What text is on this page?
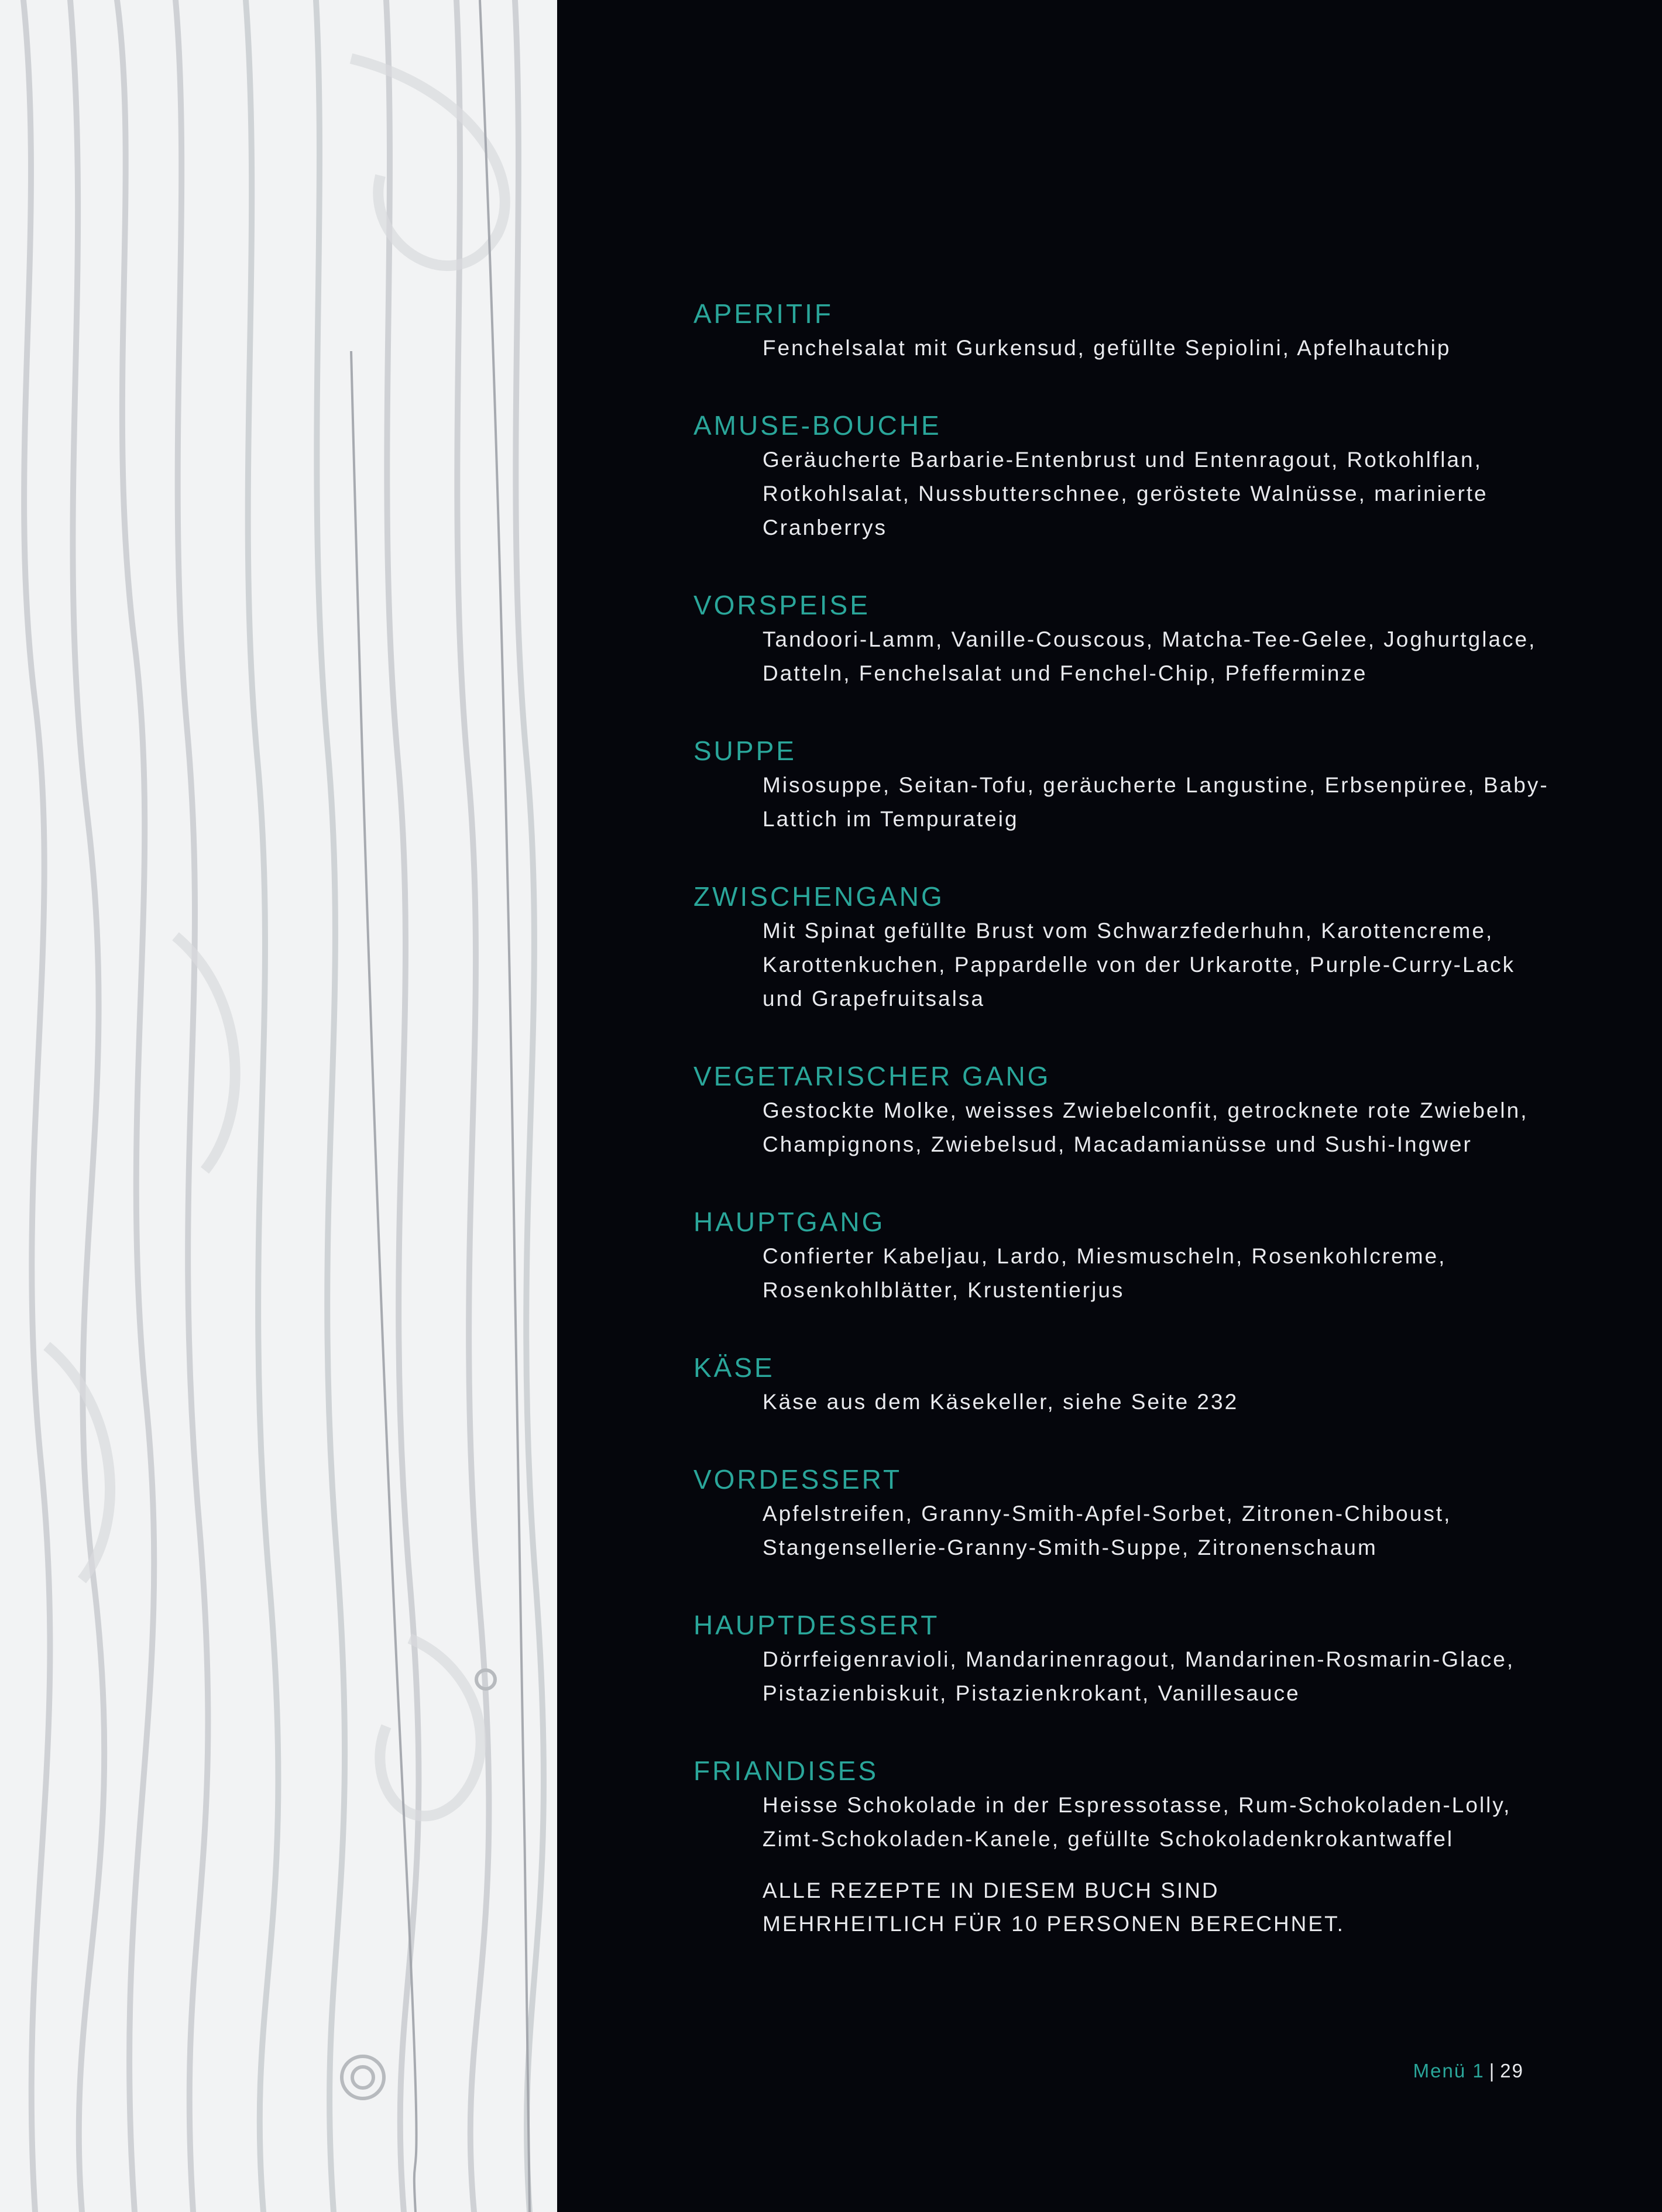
APERITIF
Fenchelsalat mit Gurkensud, gefüllte Sepiolini, Apfelhautchip
AMUSE-BOUCHE
Geräucherte Barbarie-Entenbrust und Entenragout, Rotkohlflan, Rotkohlsalat, Nussbutterschnee, geröstete Walnüsse, marinierte Cranberrys
VORSPEISE
Tandoori-Lamm, Vanille-Couscous, Matcha-Tee-Gelee, Joghurtglace, Datteln, Fenchelsalat und Fenchel-Chip, Pfefferminze
SUPPE
Misosuppe, Seitan-Tofu, geräucherte Langustine, Erbsenpüree, Baby-Lattich im Tempurateig
ZWISCHENGANG
Mit Spinat gefüllte Brust vom Schwarzfederhuhn, Karottencreme, Karottenkuchen, Pappardelle von der Urkarotte, Purple-Curry-Lack und Grapefruitsalsa
VEGETARISCHER GANG
Gestockte Molke, weisses Zwiebelconfit, getrocknete rote Zwiebeln, Champignons, Zwiebelsud, Macadamianüsse und Sushi-Ingwer
HAUPTGANG
Confierter Kabeljau, Lardo, Miesmuscheln, Rosenkohlcreme, Rosenkohlblätter, Krustentierjus
KÄSE
Käse aus dem Käsekeller, siehe Seite 232
VORDESSERT
Apfelstreifen, Granny-Smith-Apfel-Sorbet, Zitronen-Chiboust, Stangensellerie-Granny-Smith-Suppe, Zitronenschaum
HAUPTDESSERT
Dörrfeigenravioli, Mandarinenragout, Mandarinen-Rosmarin-Glace, Pistazienbiskuit, Pistazienkrokant, Vanillesauce
FRIANDISES
Heisse Schokolade in der Espressotasse, Rum-Schokoladen-Lolly, Zimt-Schokoladen-Kanele, gefüllte Schokoladenkrokantwaffel
ALLE REZEPTE IN DIESEM BUCH SIND
MEHRHEITLICH FÜR 10 PERSONEN BERECHNET.
Menü 1 | 29
